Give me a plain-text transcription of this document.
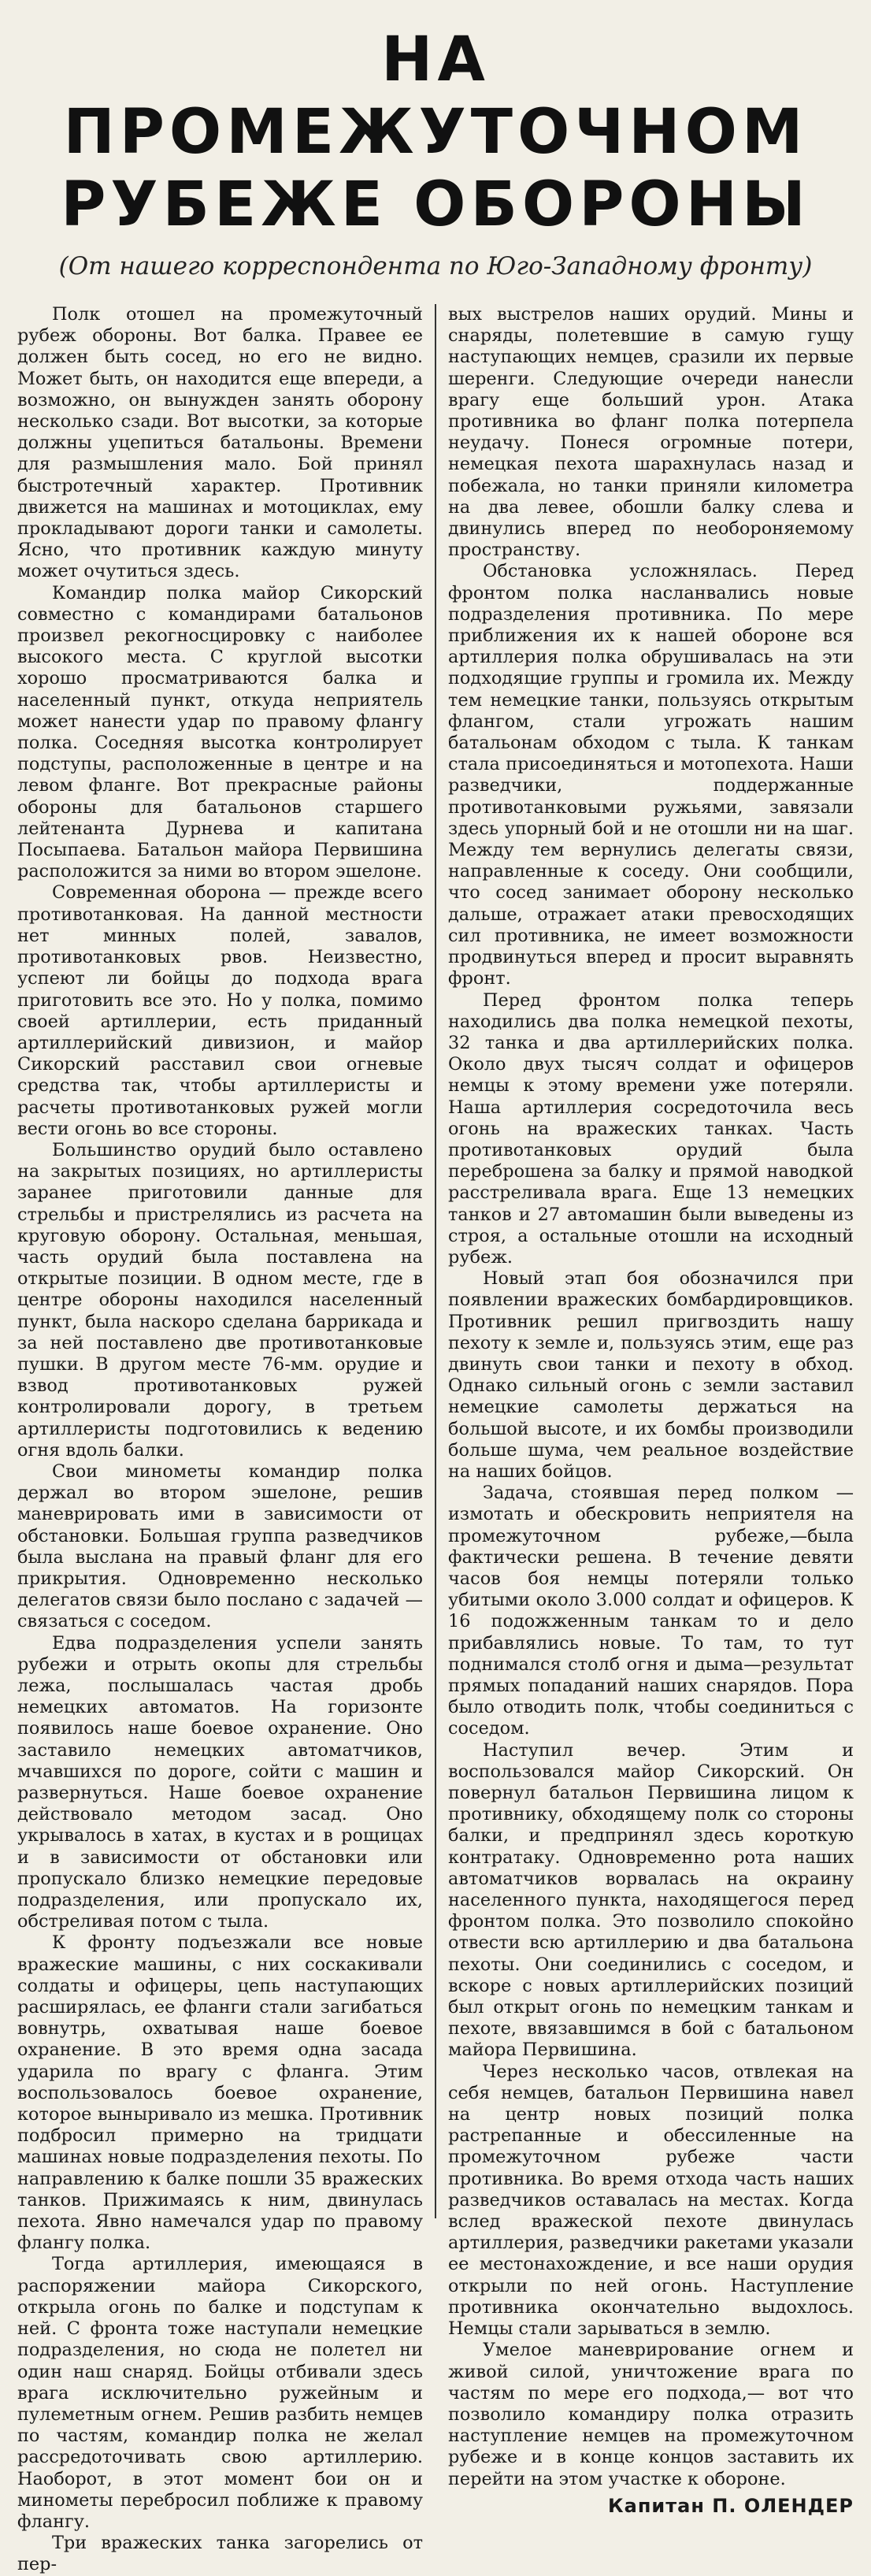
НА ПРОМЕЖУТОЧНОМ
РУБЕЖЕ ОБОРОНЫ
(От нашего корреспондента по Юго-Западному фронту)

Полк отошел на промежуточный рубеж обороны. Вот балка. Правее ее должен быть сосед, но его не видно. Может быть, он находится еще впереди, а возможно, он вынужден занять оборону несколько сзади. Вот высотки, за которые должны уцепиться батальоны. Времени для размышления мало. Бой принял быстротечный характер. Противник движется на машинах и мотоциклах, ему прокладывают дороги танки и самолеты. Ясно, что противник каждую минуту может очутиться здесь.

Командир полка майор Сикорский совместно с командирами батальонов произвел рекогносцировку с наиболее высокого места. С круглой высотки хорошо просматриваются балка и населенный пункт, откуда неприятель может нанести удар по правому флангу полка. Соседняя высотка контролирует подступы, расположенные в центре и на левом фланге. Вот прекрасные районы обороны для батальонов старшего лейтенанта Дурнева и капитана Посыпаева. Батальон майора Первишина расположится за ними во втором эшелоне.

Современная оборона — прежде всего противотанковая. На данной местности нет минных полей, завалов, противотанковых рвов. Неизвестно, успеют ли бойцы до подхода врага приготовить все это. Но у полка, помимо своей артиллерии, есть приданный артиллерийский дивизион, и майор Сикорский расставил свои огневые средства так, чтобы артиллеристы и расчеты противотанковых ружей могли вести огонь во все стороны.

Большинство орудий было оставлено на закрытых позициях, но артиллеристы заранее приготовили данные для стрельбы и пристрелялись из расчета на круговую оборону. Остальная, меньшая, часть орудий была поставлена на открытые позиции. В одном месте, где в центре обороны находился населенный пункт, была наскоро сделана баррикада и за ней поставлено две противотанковые пушки. В другом месте 76-мм. орудие и взвод противотанковых ружей контролировали дорогу, в третьем артиллеристы подготовились к ведению огня вдоль балки.

Свои минометы командир полка держал во втором эшелоне, решив маневрировать ими в зависимости от обстановки. Большая группа разведчиков была выслана на правый фланг для его прикрытия. Одновременно несколько делегатов связи было послано с задачей — связаться с соседом.

Едва подразделения успели занять рубежи и отрыть окопы для стрельбы лежа, послышалась частая дробь немецких автоматов. На горизонте появилось наше боевое охранение. Оно заставило немецких автоматчиков, мчавшихся по дороге, сойти с машин и развернуться. Наше боевое охранение действовало методом засад. Оно укрывалось в хатах, в кустах и в рощицах и в зависимости от обстановки или пропускало близко немецкие передовые подразделения, или пропускало их, обстреливая потом с тыла.

К фронту подъезжали все новые вражеские машины, с них соскакивали солдаты и офицеры, цепь наступающих расширялась, ее фланги стали загибаться вовнутрь, охватывая наше боевое охранение. В это время одна засада ударила по врагу с фланга. Этим воспользовалось боевое охранение, которое выныривало из мешка. Противник подбросил примерно на тридцати машинах новые подразделения пехоты. По направлению к балке пошли 35 вражеских танков. Прижимаясь к ним, двинулась пехота. Явно намечался удар по правому флангу полка.

Тогда артиллерия, имеющаяся в распоряжении майора Сикорского, открыла огонь по балке и подступам к ней. С фронта тоже наступали немецкие подразделения, но сюда не полетел ни один наш снаряд. Бойцы отбивали здесь врага исключительно ружейным и пулеметным огнем. Решив разбить немцев по частям, командир полка не желал рассредоточивать свою артиллерию. Наоборот, в этот момент бои он и минометы перебросил поближе к правому флангу.

Три вражеских танка загорелись от пер-

вых выстрелов наших орудий. Мины и снаряды, полетевшие в самую гущу наступающих немцев, сразили их первые шеренги. Следующие очереди нанесли врагу еще больший урон. Атака противника во фланг полка потерпела неудачу. Понеся огромные потери, немецкая пехота шарахнулась назад и побежала, но танки приняли километра на два левее, обошли балку слева и двинулись вперед по необороняемому пространству.

Обстановка усложнялась. Перед фронтом полка насланвались новые подразделения противника. По мере приближения их к нашей обороне вся артиллерия полка обрушивалась на эти подходящие группы и громила их. Между тем немецкие танки, пользуясь открытым флангом, стали угрожать нашим батальонам обходом с тыла. К танкам стала присоединяться и мотопехота. Наши разведчики, поддержанные противотанковыми ружьями, завязали здесь упорный бой и не отошли ни на шаг. Между тем вернулись делегаты связи, направленные к соседу. Они сообщили, что сосед занимает оборону несколько дальше, отражает атаки превосходящих сил противника, не имеет возможности продвинуться вперед и просит выравнять фронт.

Перед фронтом полка теперь находились два полка немецкой пехоты, 32 танка и два артиллерийских полка. Около двух тысяч солдат и офицеров немцы к этому времени уже потеряли. Наша артиллерия сосредоточила весь огонь на вражеских танках. Часть противотанковых орудий была переброшена за балку и прямой наводкой расстреливала врага. Еще 13 немецких танков и 27 автомашин были выведены из строя, а остальные отошли на исходный рубеж.

Новый этап боя обозначился при появлении вражеских бомбардировщиков. Противник решил пригвоздить нашу пехоту к земле и, пользуясь этим, еще раз двинуть свои танки и пехоту в обход. Однако сильный огонь с земли заставил немецкие самолеты держаться на большой высоте, и их бомбы производили больше шума, чем реальное воздействие на наших бойцов.

Задача, стоявшая перед полком — измотать и обескровить неприятеля на промежуточном рубеже,—была фактически решена. В течение девяти часов боя немцы потеряли только убитыми около 3.000 солдат и офицеров. К 16 подожженным танкам то и дело прибавлялись новые. То там, то тут поднимался столб огня и дыма—результат прямых попаданий наших снарядов. Пора было отводить полк, чтобы соединиться с соседом.

Наступил вечер. Этим и воспользовался майор Сикорский. Он повернул батальон Первишина лицом к противнику, обходящему полк со стороны балки, и предпринял здесь короткую контратаку. Одновременно рота наших автоматчиков ворвалась на окраину населенного пункта, находящегося перед фронтом полка. Это позволило спокойно отвести всю артиллерию и два батальона пехоты. Они соединились с соседом, и вскоре с новых артиллерийских позиций был открыт огонь по немецким танкам и пехоте, ввязавшимся в бой с батальоном майора Первишина.

Через несколько часов, отвлекая на себя немцев, батальон Первишина навел на центр новых позиций полка растрепанные и обессиленные на промежуточном рубеже части противника. Во время отхода часть наших разведчиков оставалась на местах. Когда вслед вражеской пехоте двинулась артиллерия, разведчики ракетами указали ее местонахождение, и все наши орудия открыли по ней огонь. Наступление противника окончательно выдохлось. Немцы стали зарываться в землю.

Умелое маневрирование огнем и живой силой, уничтожение врага по частям по мере его подхода,— вот что позволило командиру полка отразить наступление немцев на промежуточном рубеже и в конце концов заставить их перейти на этом участке к обороне.

Капитан П. ОЛЕНДЕР
